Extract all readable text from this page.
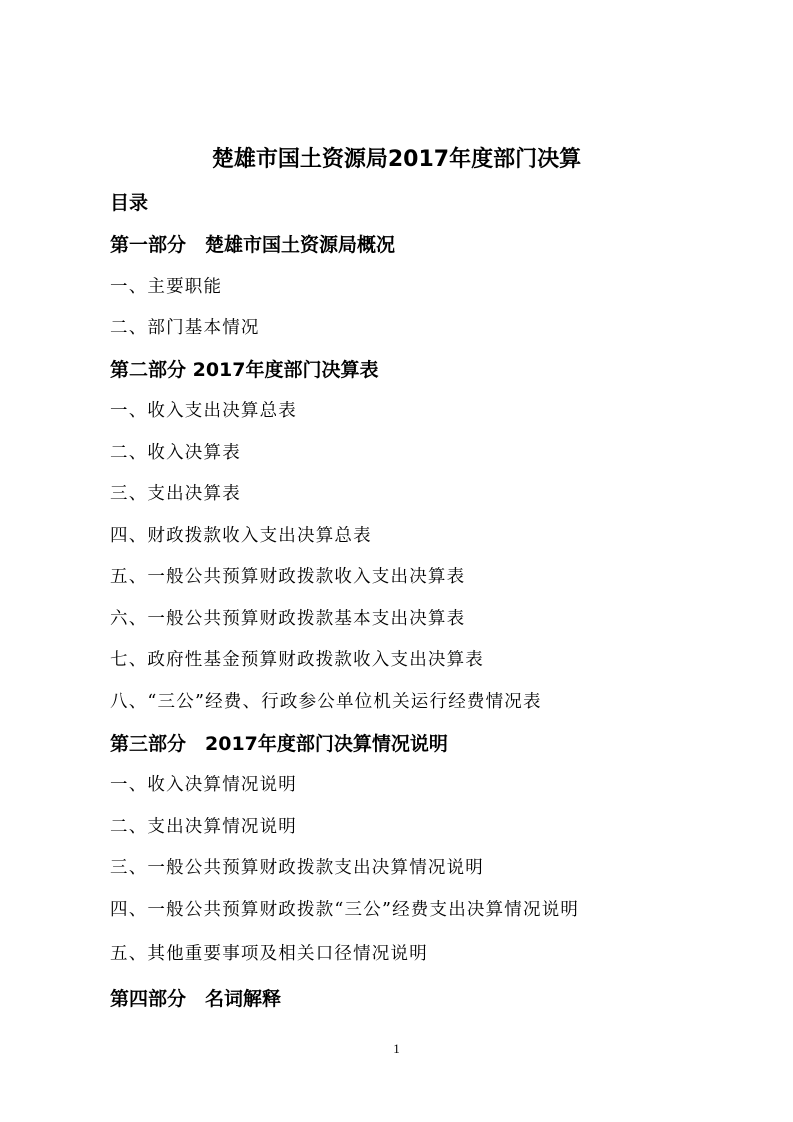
楚雄市国土资源局2017年度部门决算
目录
第一部分　楚雄市国土资源局概况
一、主要职能
二、部门基本情况
第二部分 2017年度部门决算表
一、收入支出决算总表
二、收入决算表
三、支出决算表
四、财政拨款收入支出决算总表
五、一般公共预算财政拨款收入支出决算表
六、一般公共预算财政拨款基本支出决算表
七、政府性基金预算财政拨款收入支出决算表
八、“三公”经费、行政参公单位机关运行经费情况表
第三部分　2017年度部门决算情况说明
一、收入决算情况说明
二、支出决算情况说明
三、一般公共预算财政拨款支出决算情况说明
四、一般公共预算财政拨款“三公”经费支出决算情况说明
五、其他重要事项及相关口径情况说明
第四部分　名词解释
1
